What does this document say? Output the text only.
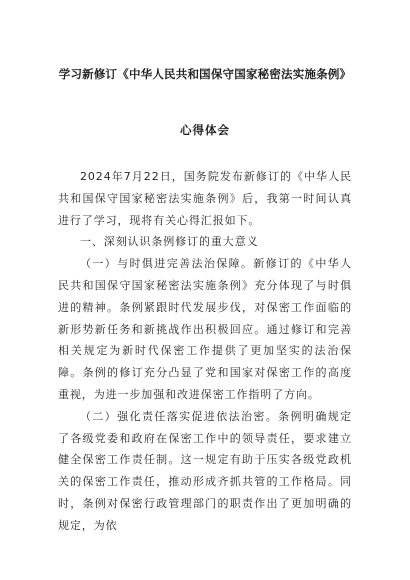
学习新修订《中华人民共和国保守国家秘密法实施条例》
心得体会

2024年7月22日，国务院发布新修订的《中华人民共和国保守国家秘密法实施条例》后，我第一时间认真进行了学习，现将有关心得汇报如下。

一、深刻认识条例修订的重大意义

（一）与时俱进完善法治保障。新修订的《中华人民共和国保守国家秘密法实施条例》充分体现了与时俱进的精神。条例紧跟时代发展步伐，对保密工作面临的新形势新任务和新挑战作出积极回应。通过修订和完善相关规定为新时代保密工作提供了更加坚实的法治保障。条例的修订充分凸显了党和国家对保密工作的高度重视，为进一步加强和改进保密工作指明了方向。

（二）强化责任落实促进依法治密。条例明确规定了各级党委和政府在保密工作中的领导责任，要求建立健全保密工作责任制。这一规定有助于压实各级党政机关的保密工作责任，推动形成齐抓共管的工作格局。同时，条例对保密行政管理部门的职责作出了更加明确的规定，为依
